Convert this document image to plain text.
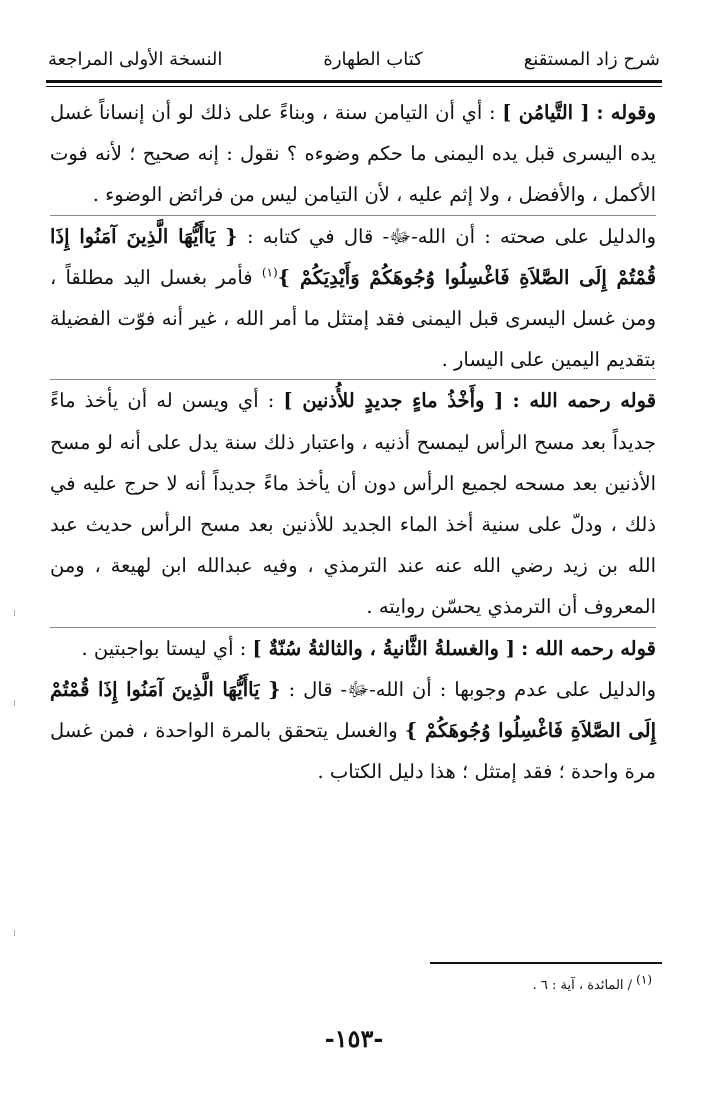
شرح زاد المستقنع
كتاب الطهارة
النسخة الأولى المراجعة

وقوله : [ التَّيامُن ] : أي أن التيامن سنة ، وبناءً على ذلك لو أن إنساناً غسل يده اليسرى قبل يده اليمنى ما حكم وضوءه ؟ نقول : إنه صحيح ؛ لأنه فوت الأكمل ، والأفضل ، ولا إثم عليه ، لأن التيامن ليس من فرائض الوضوء .

والدليل على صحته : أن الله-ﷻ- قال في كتابه : { يَاأَيُّهَا الَّذِينَ آمَنُوا إِذَا قُمْتُمْ إِلَى الصَّلاَةِ فَاغْسِلُوا وُجُوهَكُمْ وَأَيْدِيَكُمْ }$^{(١)}$ فأمر بغسل اليد مطلقاً ، ومن غسل اليسرى قبل اليمنى فقد إمتثل ما أمر الله ، غير أنه فوّت الفضيلة بتقديم اليمين على اليسار .

قوله رحمه الله : [ وأَخْذُ ماءٍ جديدٍ للأُذنين ] : أي ويسن له أن يأخذ ماءً جديداً بعد مسح الرأس ليمسح أذنيه ، واعتبار ذلك سنة يدل على أنه لو مسح الأذنين بعد مسحه لجميع الرأس دون أن يأخذ ماءً جديداً أنه لا حرج عليه في ذلك ، ودلّ على سنية أخذ الماء الجديد للأذنين بعد مسح الرأس حديث عبد الله بن زيد رضي الله عنه عند الترمذي ، وفيه عبدالله ابن لهيعة ، ومن المعروف أن الترمذي يحسّن روايته .

قوله رحمه الله : [ والغسلةُ الثَّانيةُ ، والثالثةُ سُنّةٌ ] : أي ليستا بواجبتين .

والدليل على عدم وجوبها : أن الله-ﷻ- قال : { يَاأَيُّهَا الَّذِينَ آمَنُوا إِذَا قُمْتُمْ إِلَى الصَّلاَةِ فَاغْسِلُوا وُجُوهَكُمْ } والغسل يتحقق بالمرة الواحدة ، فمن غسل مرة واحدة ؛ فقد إمتثل ؛ هذا دليل الكتاب .

(١) / المائدة ، آية : ٦ .
-١٥٣-
